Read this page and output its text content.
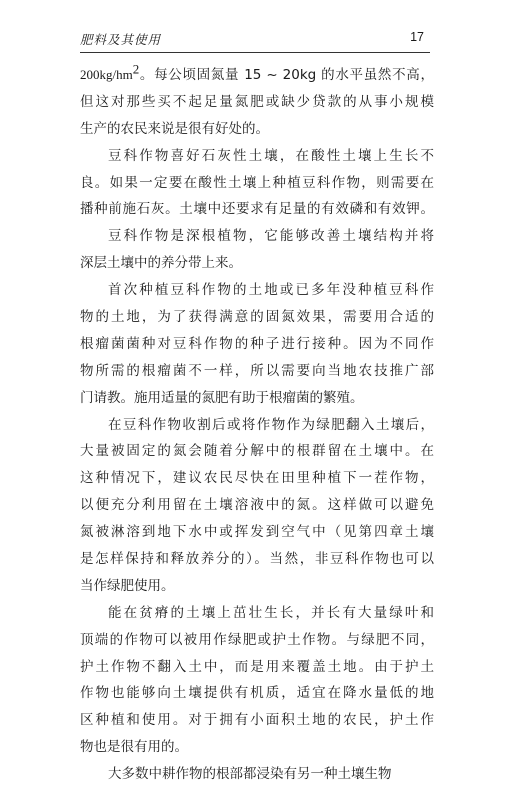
肥料及其使用	17
$200kg/hm^2$。每公顷固氮量 15 ~ 20kg 的水平虽然不高，
但这对那些买不起足量氮肥或缺少贷款的从事小规模
生产的农民来说是很有好处的。
豆科作物喜好石灰性土壤，在酸性土壤上生长不
良。如果一定要在酸性土壤上种植豆科作物，则需要在
播种前施石灰。土壤中还要求有足量的有效磷和有效钾。
豆科作物是深根植物，它能够改善土壤结构并将
深层土壤中的养分带上来。
首次种植豆科作物的土地或已多年没种植豆科作
物的土地，为了获得满意的固氮效果，需要用合适的
根瘤菌菌种对豆科作物的种子进行接种。因为不同作
物所需的根瘤菌不一样，所以需要向当地农技推广部
门请教。施用适量的氮肥有助于根瘤菌的繁殖。
在豆科作物收割后或将作物作为绿肥翻入土壤后，
大量被固定的氮会随着分解中的根群留在土壤中。在
这种情况下，建议农民尽快在田里种植下一茬作物，
以便充分利用留在土壤溶液中的氮。这样做可以避免
氮被淋溶到地下水中或挥发到空气中（见第四章土壤
是怎样保持和释放养分的）。当然，非豆科作物也可以
当作绿肥使用。
能在贫瘠的土壤上茁壮生长，并长有大量绿叶和
顶端的作物可以被用作绿肥或护土作物。与绿肥不同，
护土作物不翻入土中，而是用来覆盖土地。由于护土
作物也能够向土壤提供有机质，适宜在降水量低的地
区种植和使用。对于拥有小面积土地的农民，护土作
物也是很有用的。
大多数中耕作物的根部都浸染有另一种土壤生物
